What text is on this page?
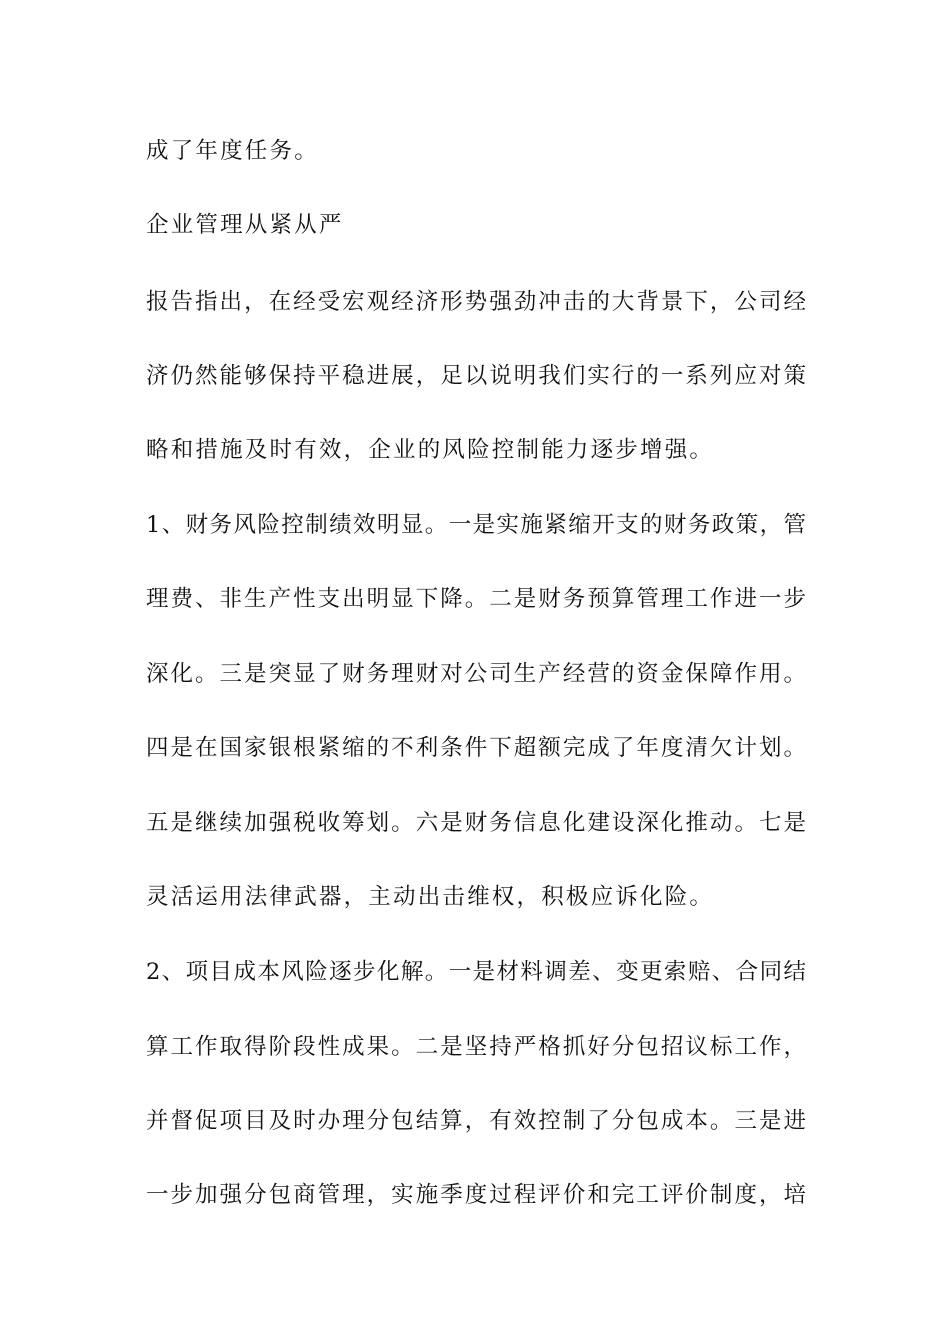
成了年度任务。
企业管理从紧从严
报告指出，在经受宏观经济形势强劲冲击的大背景下，公司经
济仍然能够保持平稳进展，足以说明我们实行的一系列应对策
略和措施及时有效，企业的风险控制能力逐步增强。
1、财务风险控制绩效明显。一是实施紧缩开支的财务政策，管
理费、非生产性支出明显下降。二是财务预算管理工作进一步
深化。三是突显了财务理财对公司生产经营的资金保障作用。
四是在国家银根紧缩的不利条件下超额完成了年度清欠计划。
五是继续加强税收筹划。六是财务信息化建设深化推动。七是
灵活运用法律武器，主动出击维权，积极应诉化险。
2、项目成本风险逐步化解。一是材料调差、变更索赔、合同结
算工作取得阶段性成果。二是坚持严格抓好分包招议标工作，
并督促项目及时办理分包结算，有效控制了分包成本。三是进
一步加强分包商管理，实施季度过程评价和完工评价制度，培
